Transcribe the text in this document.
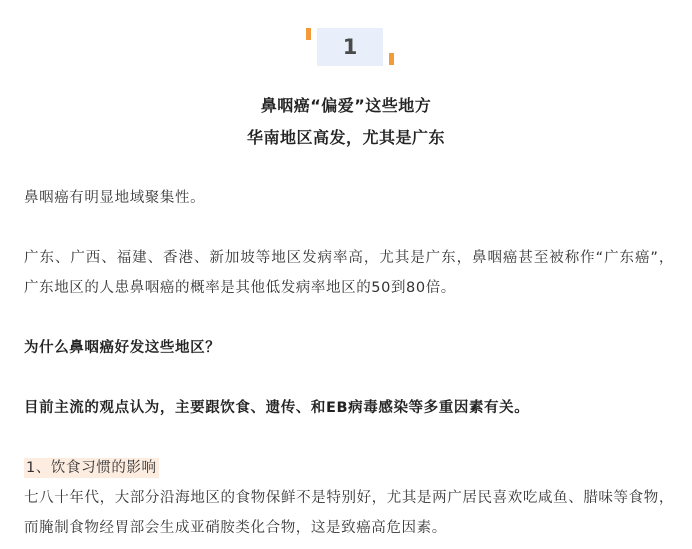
1
鼻咽癌“偏爱”这些地方
华南地区高发，尤其是广东

鼻咽癌有明显地域聚集性。

广东、广西、福建、香港、新加坡等地区发病率高，尤其是广东，鼻咽癌甚至被称作“广东癌”，广东地区的人患鼻咽癌的概率是其他低发病率地区的50到80倍。

为什么鼻咽癌好发这些地区？

目前主流的观点认为，主要跟饮食、遗传、和EB病毒感染等多重因素有关。

1、饮食习惯的影响

七八十年代，大部分沿海地区的食物保鲜不是特别好，尤其是两广居民喜欢吃咸鱼、腊味等食物，而腌制食物经胃部会生成亚硝胺类化合物，这是致癌高危因素。
